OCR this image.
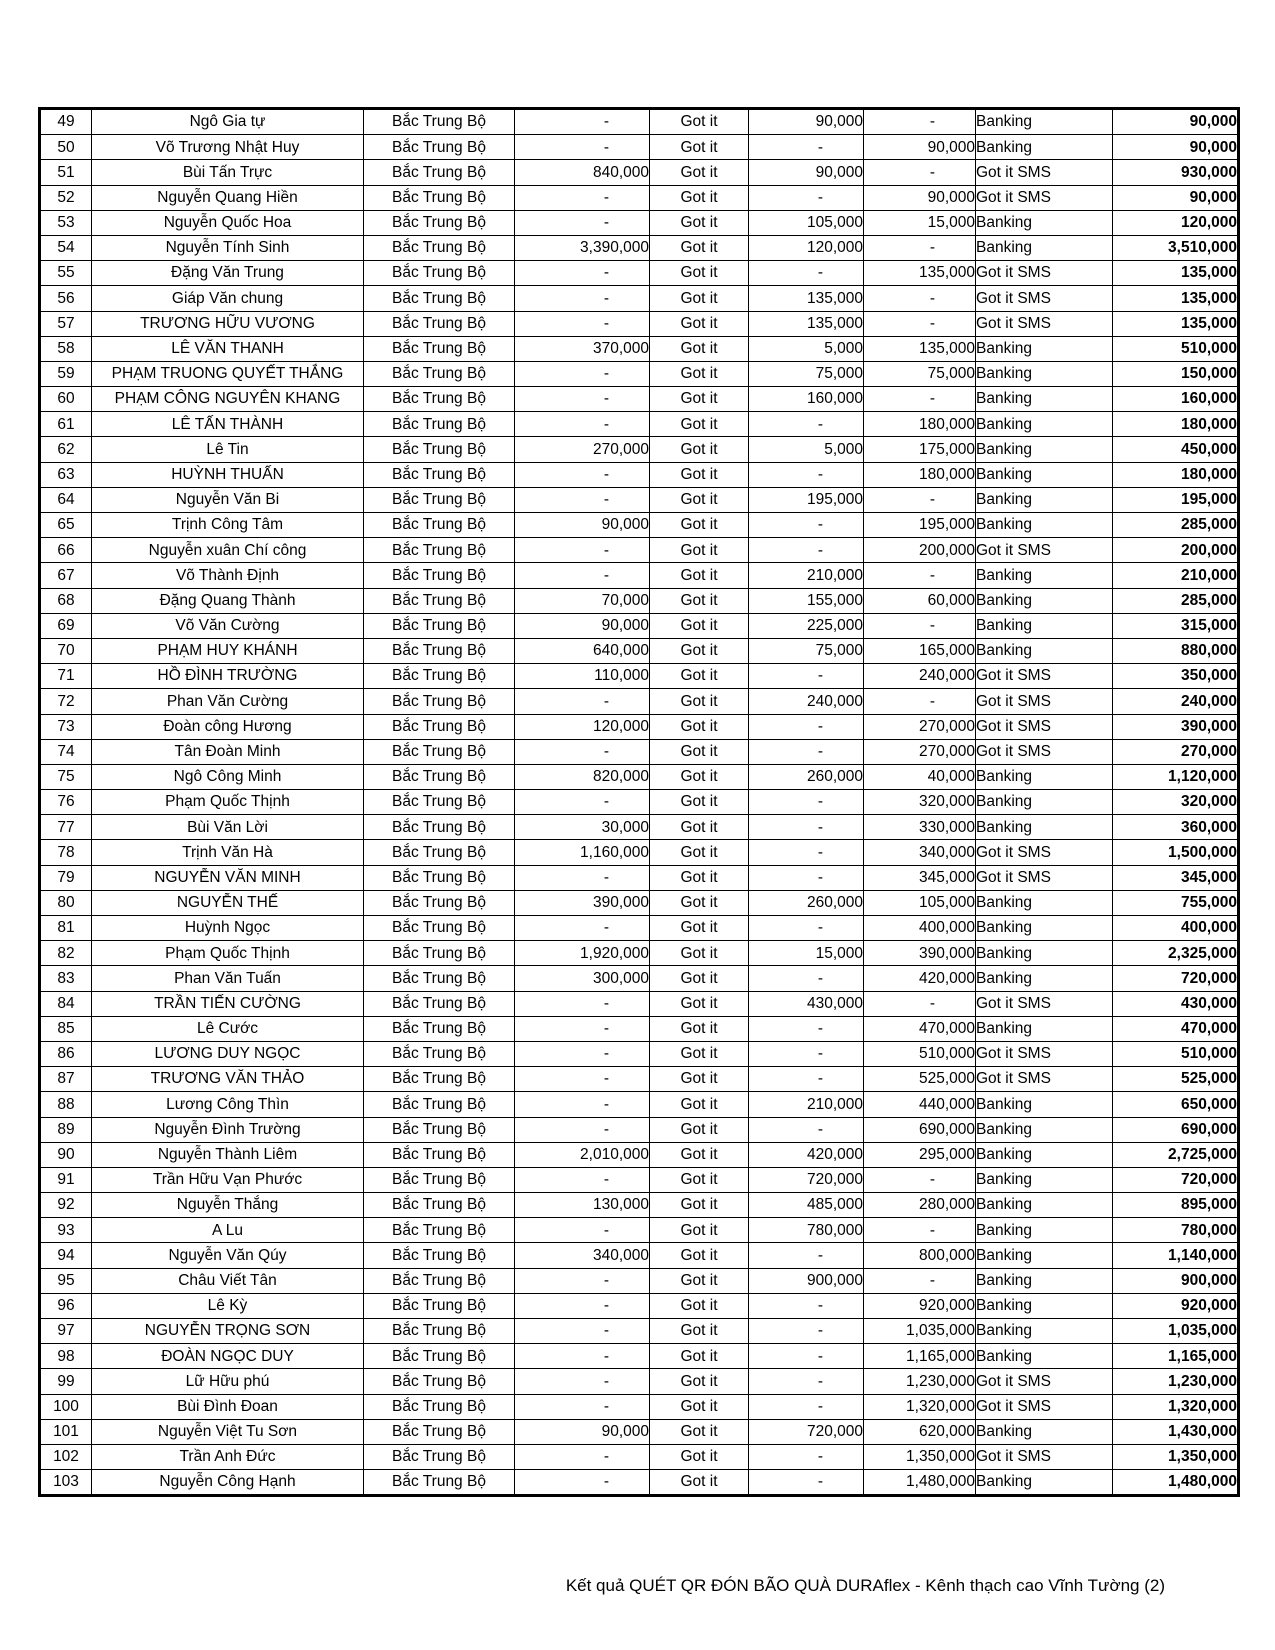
49	Ngô Gia tự	Bắc Trung Bộ	-	Got it	90,000	-	Banking	90,000
50	Võ Trương Nhật Huy	Bắc Trung Bộ	-	Got it	-	90,000	Banking	90,000
51	Bùi Tấn Trực	Bắc Trung Bộ	840,000	Got it	90,000	-	Got it SMS	930,000
52	Nguyễn Quang Hiền	Bắc Trung Bộ	-	Got it	-	90,000	Got it SMS	90,000
53	Nguyễn Quốc Hoa	Bắc Trung Bộ	-	Got it	105,000	15,000	Banking	120,000
54	Nguyễn Tính Sinh	Bắc Trung Bộ	3,390,000	Got it	120,000	-	Banking	3,510,000
55	Đặng Văn Trung	Bắc Trung Bộ	-	Got it	-	135,000	Got it SMS	135,000
56	Giáp Văn chung	Bắc Trung Bộ	-	Got it	135,000	-	Got it SMS	135,000
57	TRƯƠNG HỮU VƯƠNG	Bắc Trung Bộ	-	Got it	135,000	-	Got it SMS	135,000
58	LÊ VĂN THANH	Bắc Trung Bộ	370,000	Got it	5,000	135,000	Banking	510,000
59	PHẠM TRUONG QUYẾT THẮNG	Bắc Trung Bộ	-	Got it	75,000	75,000	Banking	150,000
60	PHẠM CÔNG NGUYÊN KHANG	Bắc Trung Bộ	-	Got it	160,000	-	Banking	160,000
61	LÊ TẤN THÀNH	Bắc Trung Bộ	-	Got it	-	180,000	Banking	180,000
62	Lê Tin	Bắc Trung Bộ	270,000	Got it	5,000	175,000	Banking	450,000
63	HUỲNH THUẤN	Bắc Trung Bộ	-	Got it	-	180,000	Banking	180,000
64	Nguyễn Văn Bi	Bắc Trung Bộ	-	Got it	195,000	-	Banking	195,000
65	Trịnh Công Tâm	Bắc Trung Bộ	90,000	Got it	-	195,000	Banking	285,000
66	Nguyễn xuân Chí công	Bắc Trung Bộ	-	Got it	-	200,000	Got it SMS	200,000
67	Võ Thành Định	Bắc Trung Bộ	-	Got it	210,000	-	Banking	210,000
68	Đặng Quang Thành	Bắc Trung Bộ	70,000	Got it	155,000	60,000	Banking	285,000
69	Võ Văn Cường	Bắc Trung Bộ	90,000	Got it	225,000	-	Banking	315,000
70	PHẠM HUY KHÁNH	Bắc Trung Bộ	640,000	Got it	75,000	165,000	Banking	880,000
71	HỒ ĐÌNH TRƯỜNG	Bắc Trung Bộ	110,000	Got it	-	240,000	Got it SMS	350,000
72	Phan Văn Cường	Bắc Trung Bộ	-	Got it	240,000	-	Got it SMS	240,000
73	Đoàn công Hương	Bắc Trung Bộ	120,000	Got it	-	270,000	Got it SMS	390,000
74	Tân Đoàn Minh	Bắc Trung Bộ	-	Got it	-	270,000	Got it SMS	270,000
75	Ngô Công Minh	Bắc Trung Bộ	820,000	Got it	260,000	40,000	Banking	1,120,000
76	Phạm Quốc Thịnh	Bắc Trung Bộ	-	Got it	-	320,000	Banking	320,000
77	Bùi Văn Lời	Bắc Trung Bộ	30,000	Got it	-	330,000	Banking	360,000
78	Trịnh Văn Hà	Bắc Trung Bộ	1,160,000	Got it	-	340,000	Got it SMS	1,500,000
79	NGUYỄN VĂN MINH	Bắc Trung Bộ	-	Got it	-	345,000	Got it SMS	345,000
80	NGUYỄN THẾ	Bắc Trung Bộ	390,000	Got it	260,000	105,000	Banking	755,000
81	Huỳnh Ngọc	Bắc Trung Bộ	-	Got it	-	400,000	Banking	400,000
82	Phạm Quốc Thịnh	Bắc Trung Bộ	1,920,000	Got it	15,000	390,000	Banking	2,325,000
83	Phan Văn Tuấn	Bắc Trung Bộ	300,000	Got it	-	420,000	Banking	720,000
84	TRẦN TIẾN CƯỜNG	Bắc Trung Bộ	-	Got it	430,000	-	Got it SMS	430,000
85	Lê Cước	Bắc Trung Bộ	-	Got it	-	470,000	Banking	470,000
86	LƯƠNG DUY NGỌC	Bắc Trung Bộ	-	Got it	-	510,000	Got it SMS	510,000
87	TRƯƠNG VĂN THẢO	Bắc Trung Bộ	-	Got it	-	525,000	Got it SMS	525,000
88	Lương Công Thìn	Bắc Trung Bộ	-	Got it	210,000	440,000	Banking	650,000
89	Nguyễn Đình Trường	Bắc Trung Bộ	-	Got it	-	690,000	Banking	690,000
90	Nguyễn Thành Liêm	Bắc Trung Bộ	2,010,000	Got it	420,000	295,000	Banking	2,725,000
91	Trần Hữu Vạn Phước	Bắc Trung Bộ	-	Got it	720,000	-	Banking	720,000
92	Nguyễn Thắng	Bắc Trung Bộ	130,000	Got it	485,000	280,000	Banking	895,000
93	A Lu	Bắc Trung Bộ	-	Got it	780,000	-	Banking	780,000
94	Nguyễn Văn Qúy	Bắc Trung Bộ	340,000	Got it	-	800,000	Banking	1,140,000
95	Châu Viết Tân	Bắc Trung Bộ	-	Got it	900,000	-	Banking	900,000
96	Lê Kỳ	Bắc Trung Bộ	-	Got it	-	920,000	Banking	920,000
97	NGUYỄN TRỌNG SƠN	Bắc Trung Bộ	-	Got it	-	1,035,000	Banking	1,035,000
98	ĐOÀN NGỌC DUY	Bắc Trung Bộ	-	Got it	-	1,165,000	Banking	1,165,000
99	Lữ Hữu phú	Bắc Trung Bộ	-	Got it	-	1,230,000	Got it SMS	1,230,000
100	Bùi Đình Đoan	Bắc Trung Bộ	-	Got it	-	1,320,000	Got it SMS	1,320,000
101	Nguyễn Việt Tu Sơn	Bắc Trung Bộ	90,000	Got it	720,000	620,000	Banking	1,430,000
102	Trần Anh Đức	Bắc Trung Bộ	-	Got it	-	1,350,000	Got it SMS	1,350,000
103	Nguyễn Công Hạnh	Bắc Trung Bộ	-	Got it	-	1,480,000	Banking	1,480,000
Kết quả QUÉT QR ĐÓN BÃO QUÀ DURAflex - Kênh thạch cao Vĩnh Tường (2)
